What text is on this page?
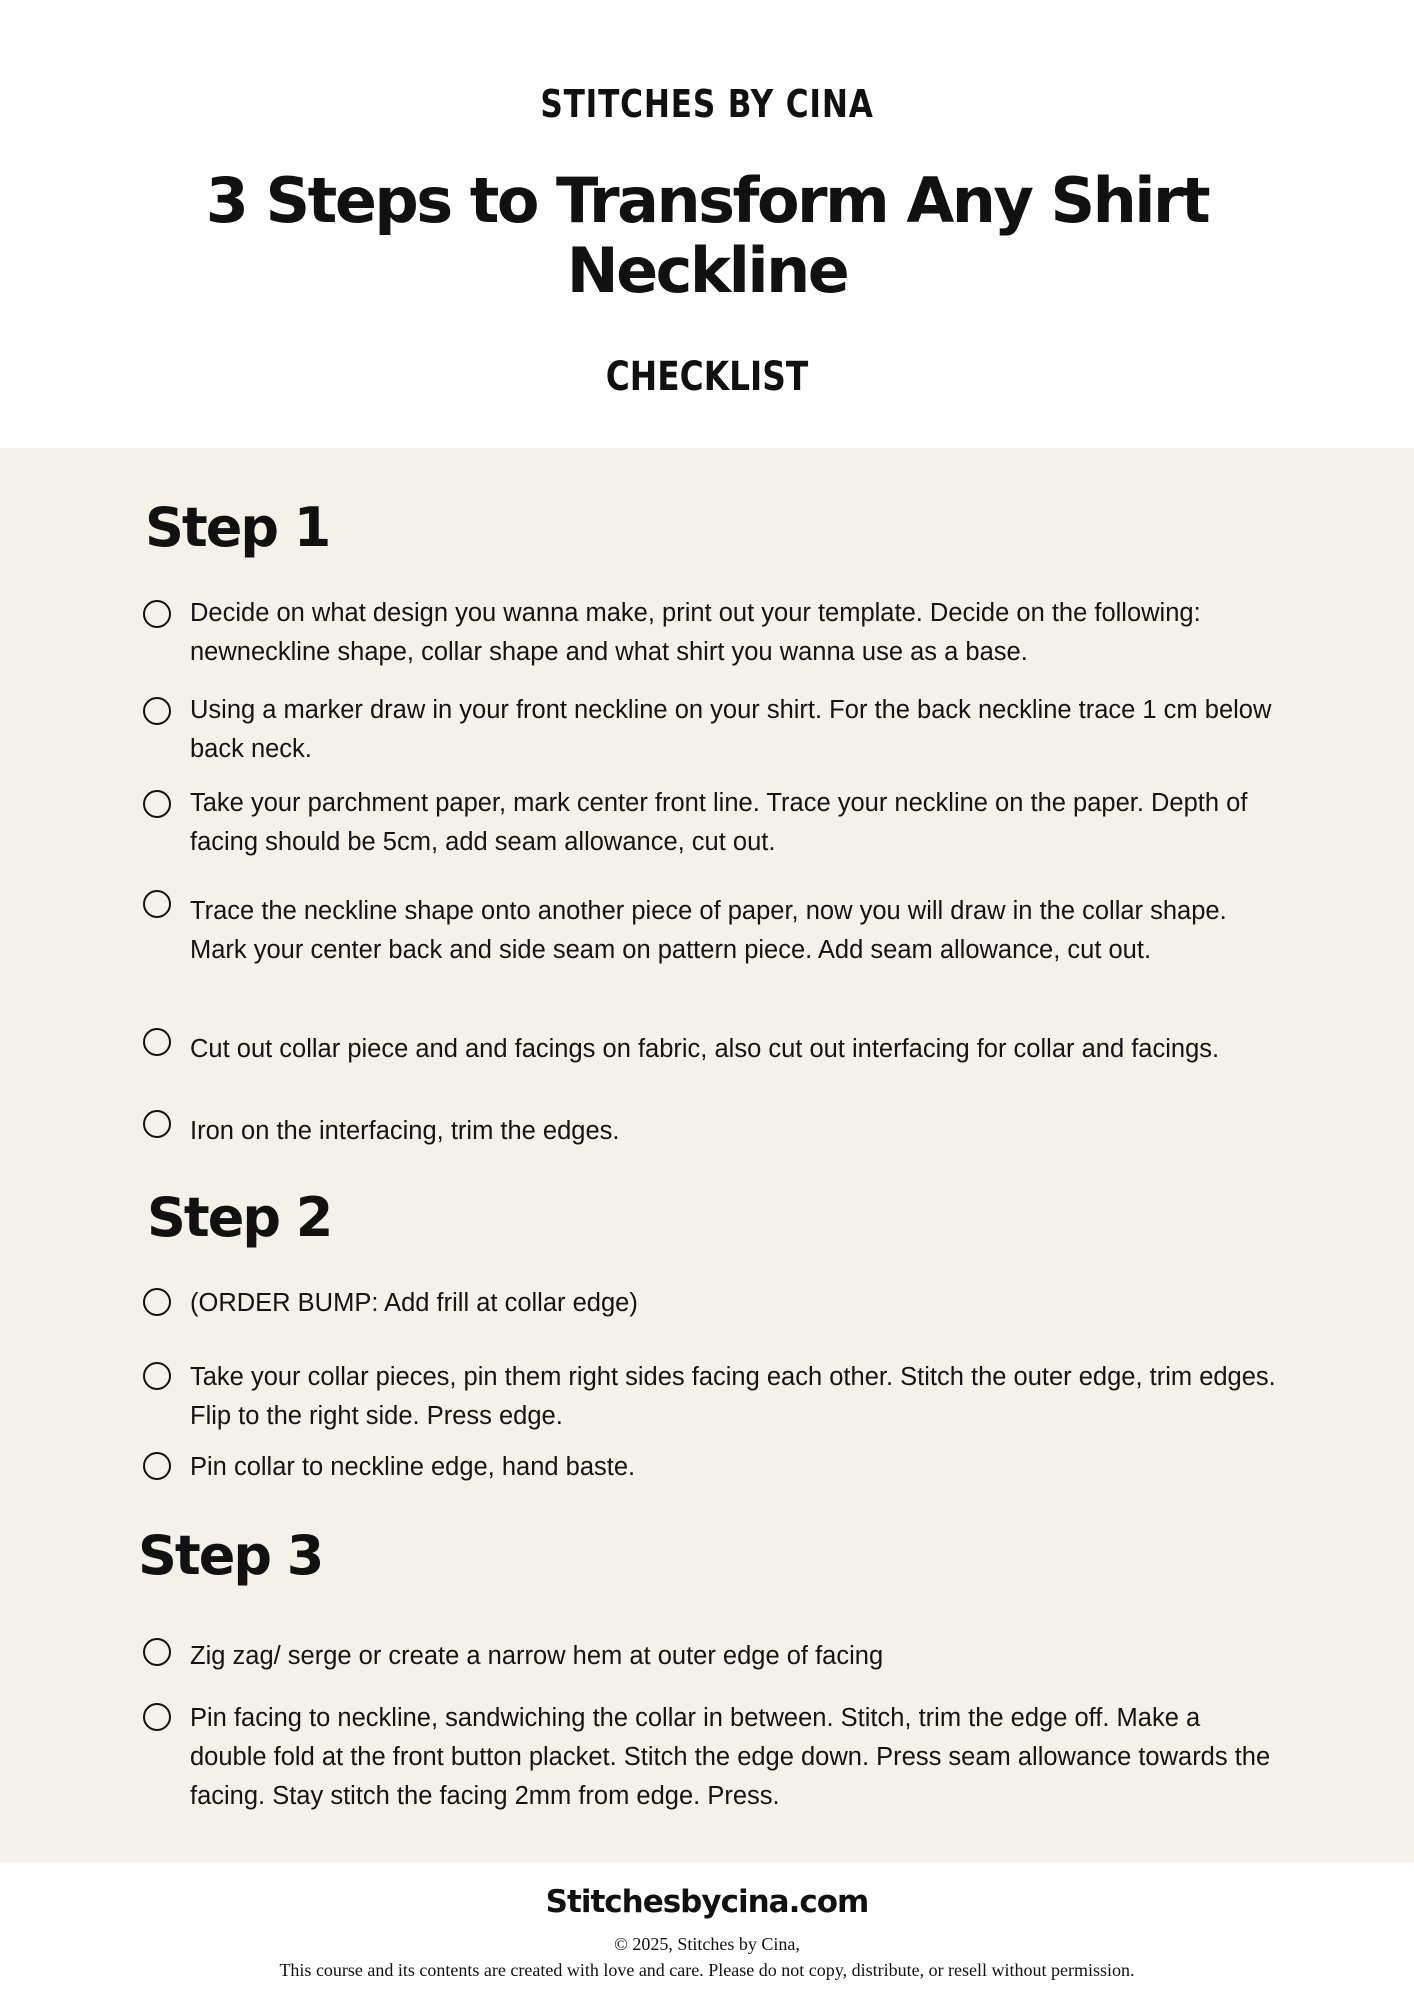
STITCHES BY CINA
3 Steps to Transform Any Shirt
Neckline
CHECKLIST
Step 1
Decide on what design you wanna make, print out your template. Decide on the following: newneckline shape, collar shape and what shirt you wanna use as a base.
Using a marker draw in your front neckline on your shirt. For the back neckline trace 1 cm below back neck.
Take your parchment paper, mark center front line. Trace your neckline on the paper. Depth of facing should be 5cm, add seam allowance, cut out.
Trace the neckline shape onto another piece of paper, now you will draw in the collar shape. Mark your center back and side seam on pattern piece. Add seam allowance, cut out.
Cut out collar piece and and facings on fabric, also cut out interfacing for collar and facings.
Iron on the interfacing, trim the edges.
Step 2
(ORDER BUMP: Add frill at collar edge)
Take your collar pieces, pin them right sides facing each other. Stitch the outer edge, trim edges. Flip to the right side. Press edge.
Pin collar to neckline edge, hand baste.
Step 3
Zig zag/ serge or create a narrow hem at outer edge of facing
Pin facing to neckline, sandwiching the collar in between. Stitch, trim the edge off. Make a double fold at the front button placket. Stitch the edge down. Press seam allowance towards the facing. Stay stitch the facing 2mm from edge. Press.
Stitchesbycina.com
© 2025, Stitches by Cina,
This course and its contents are created with love and care. Please do not copy, distribute, or resell without permission.
